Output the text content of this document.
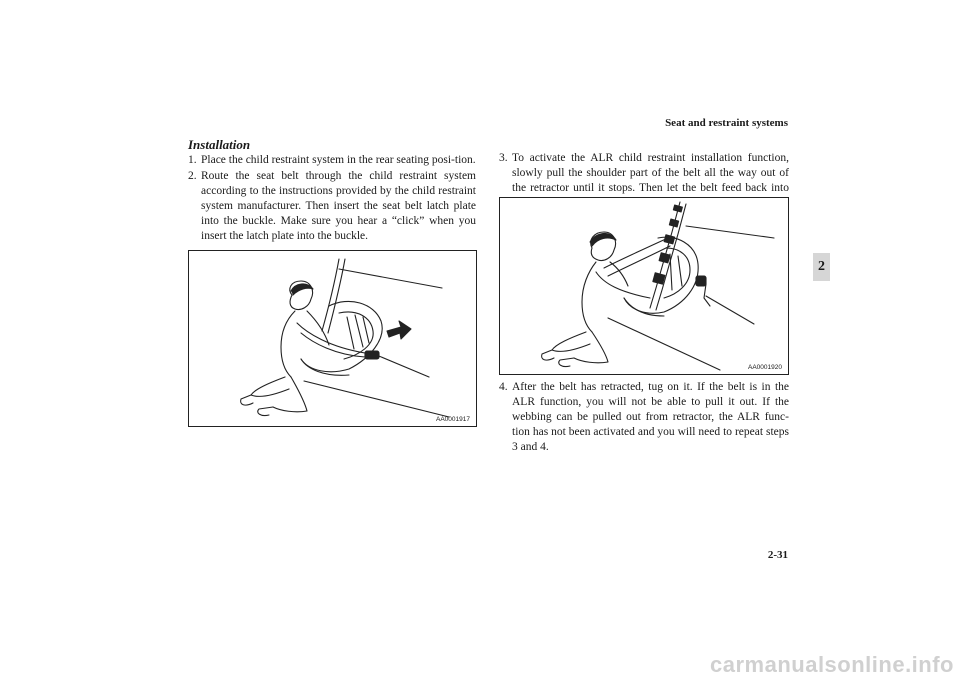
Seat and restraint systems
2
Installation
1. Place the child restraint system in the rear seating posi-tion.
2. Route the seat belt through the child restraint system according to the instructions provided by the child restraint system manufacturer. Then insert the seat belt latch plate into the buckle. Make sure you hear a “click” when you insert the latch plate into the buckle.
AA0001917
3. To activate the ALR child restraint installation function, slowly pull the shoulder part of the belt all the way out of the retractor until it stops. Then let the belt feed back into
AA0001920
4. After the belt has retracted, tug on it. If the belt is in the ALR function, you will not be able to pull it out. If the webbing can be pulled out from retractor, the ALR func-tion has not been activated and you will need to repeat steps 3 and 4.
2-31
carmanualsonline.info
